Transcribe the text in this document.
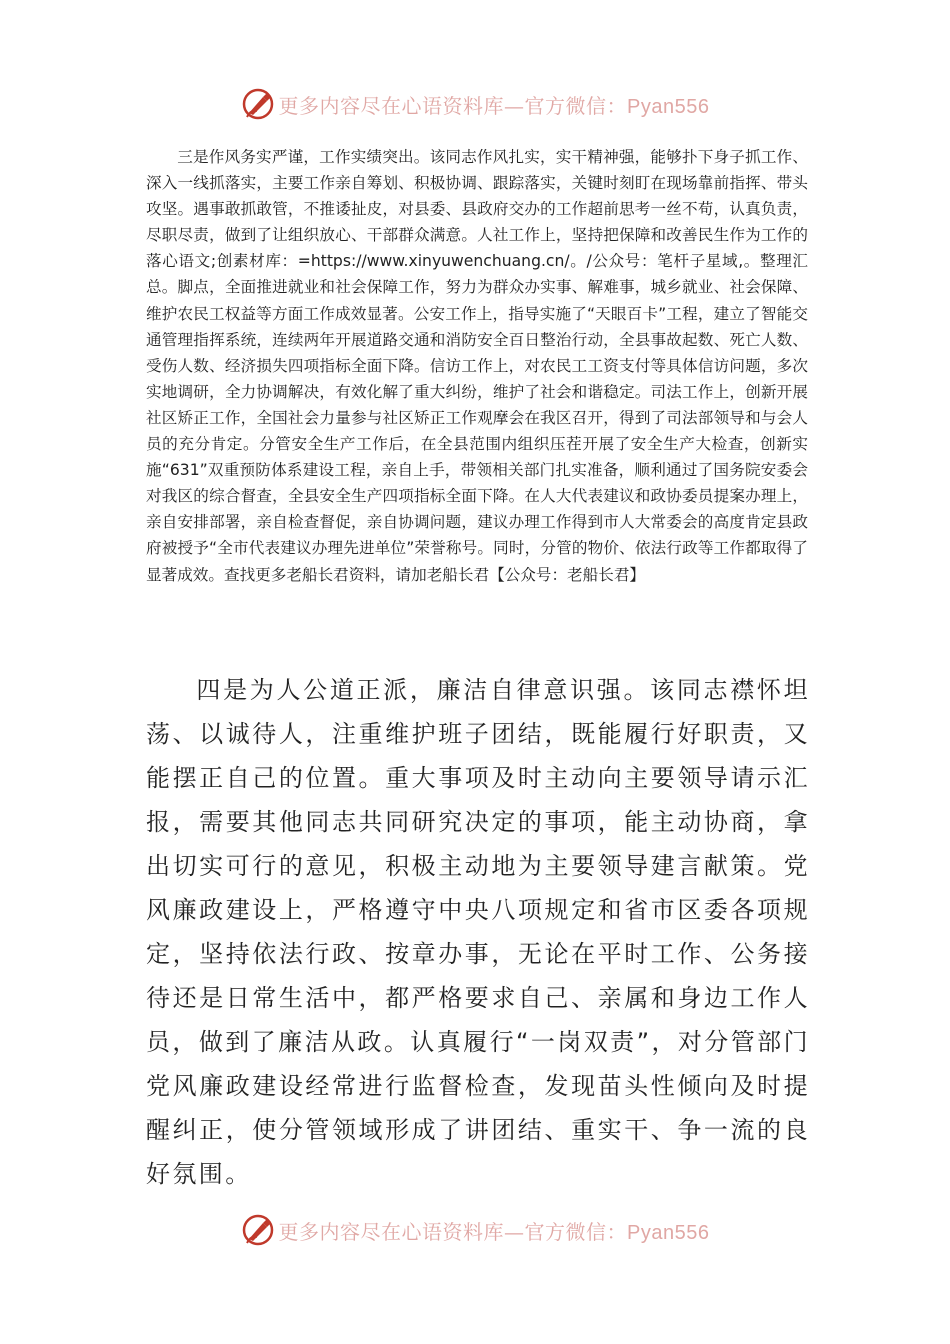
更多内容尽在心语资料库—官方微信：Pyan556

三是作风务实严谨，工作实绩突出。该同志作风扎实，实干精神强，能够扑下身子抓工作、深入一线抓落实，主要工作亲自筹划、积极协调、跟踪落实，关键时刻盯在现场靠前指挥、带头攻坚。遇事敢抓敢管，不推诿扯皮，对县委、县政府交办的工作超前思考一丝不苟，认真负责，尽职尽责，做到了让组织放心、干部群众满意。人社工作上，坚持把保障和改善民生作为工作的落心语文;创素材库：=https://www.xinyuwenchuang.cn/。/公众号：笔杆子星域,。整理汇总。脚点，全面推进就业和社会保障工作，努力为群众办实事、解难事，城乡就业、社会保障、维护农民工权益等方面工作成效显著。公安工作上，指导实施了“天眼百卡”工程，建立了智能交通管理指挥系统，连续两年开展道路交通和消防安全百日整治行动，全县事故起数、死亡人数、受伤人数、经济损失四项指标全面下降。信访工作上，对农民工工资支付等具体信访问题，多次实地调研，全力协调解决，有效化解了重大纠纷，维护了社会和谐稳定。司法工作上，创新开展社区矫正工作，全国社会力量参与社区矫正工作观摩会在我区召开，得到了司法部领导和与会人员的充分肯定。分管安全生产工作后，在全县范围内组织压茬开展了安全生产大检查，创新实施“631”双重预防体系建设工程，亲自上手，带领相关部门扎实准备，顺利通过了国务院安委会对我区的综合督查，全县安全生产四项指标全面下降。在人大代表建议和政协委员提案办理上，亲自安排部署，亲自检查督促，亲自协调问题，建议办理工作得到市人大常委会的高度肯定县政府被授予“全市代表建议办理先进单位”荣誉称号。同时，分管的物价、依法行政等工作都取得了显著成效。查找更多老船长君资料，请加老船长君【公众号：老船长君】

四是为人公道正派，廉洁自律意识强。该同志襟怀坦荡、以诚待人，注重维护班子团结，既能履行好职责，又能摆正自己的位置。重大事项及时主动向主要领导请示汇报，需要其他同志共同研究决定的事项，能主动协商，拿出切实可行的意见，积极主动地为主要领导建言献策。党风廉政建设上，严格遵守中央八项规定和省市区委各项规定，坚持依法行政、按章办事，无论在平时工作、公务接待还是日常生活中，都严格要求自己、亲属和身边工作人员，做到了廉洁从政。认真履行“一岗双责”，对分管部门党风廉政建设经常进行监督检查，发现苗头性倾向及时提醒纠正，使分管领域形成了讲团结、重实干、争一流的良好氛围。

更多内容尽在心语资料库—官方微信：Pyan556
